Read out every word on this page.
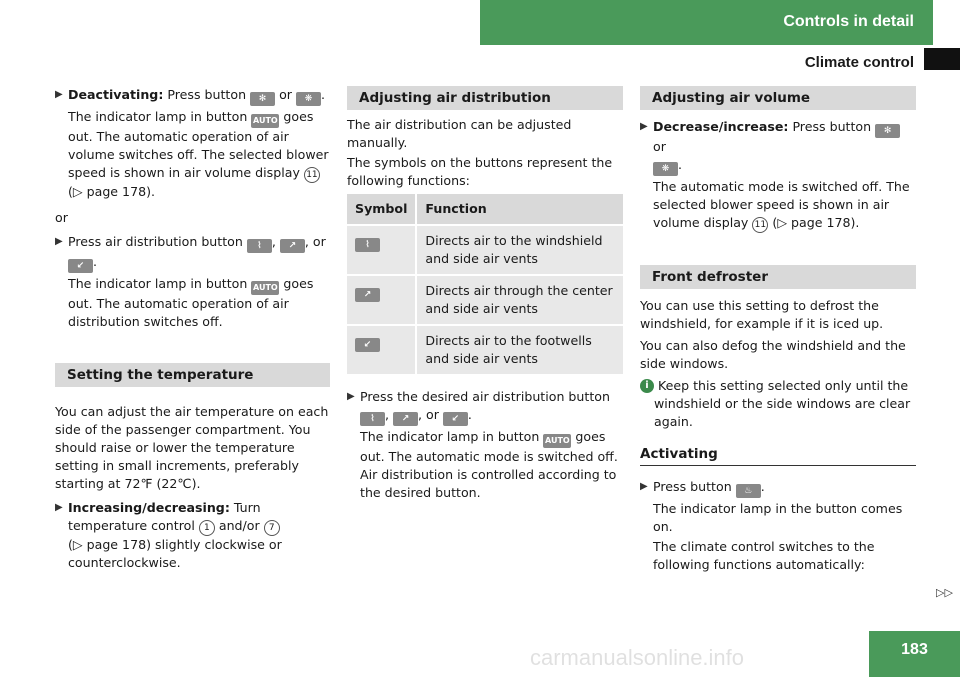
Controls in detail
Climate control

▶ Deactivating: Press button ✻ or ❋ .

The indicator lamp in button AUTO goes out. The automatic operation of air volume switches off. The selected blower speed is shown in air volume display 11
(▷ page 178).

or

▶ Press air distribution button ⌇ , ↗ , or
↙ .

The indicator lamp in button AUTO goes out. The automatic operation of air distribution switches off.

Setting the temperature

You can adjust the air temperature on each side of the passenger compartment. You should raise or lower the temperature setting in small increments, preferably starting at 72℉ (22℃).

▶ Increasing/decreasing: Turn temperature control 1 and/or 7
(▷ page 178) slightly clockwise or counterclockwise.

Adjusting air distribution

The air distribution can be adjusted manually.

The symbols on the buttons represent the following functions:

Symbol	Function
⌇	Directs air to the windshield and side air vents
↗	Directs air through the center and side air vents
↙	Directs air to the footwells and side air vents

▶ Press the desired air distribution button
⌇ , ↗ , or ↙ .

The indicator lamp in button AUTO goes out. The automatic mode is switched off. Air distribution is controlled according to the desired button.

Adjusting air volume

▶ Decrease/increase: Press button ✻ or
❋ .

The automatic mode is switched off. The selected blower speed is shown in air volume display 11 (▷ page 178).

Front defroster

You can use this setting to defrost the windshield, for example if it is iced up.

You can also defog the windshield and the side windows.

i Keep this setting selected only until the windshield or the side windows are clear again.

Activating

▶ Press button ♨ .

The indicator lamp in the button comes on.

The climate control switches to the following functions automatically:

▷▷
183
carmanualsonline.info
